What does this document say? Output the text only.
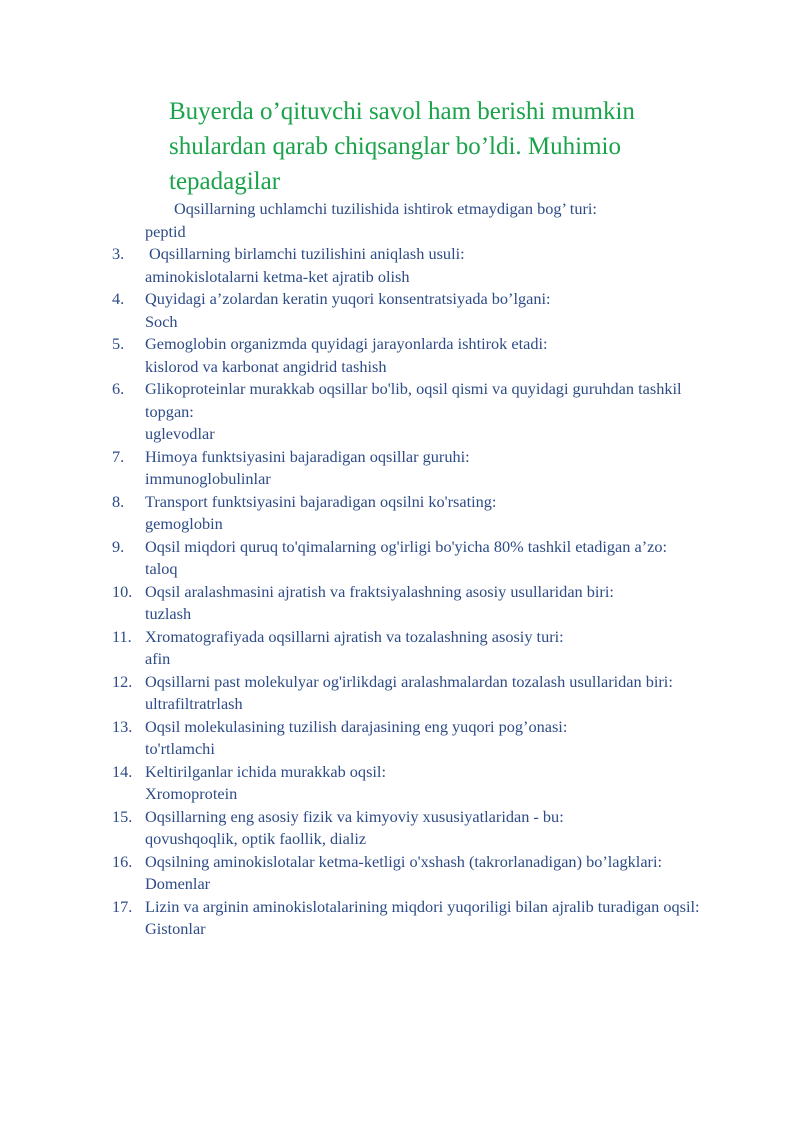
Buyerda o’qituvchi savol ham berishi mumkin shulardan qarab chiqsanglar bo’ldi. Muhimio tepadagilar
Oqsillarning uchlamchi tuzilishida ishtirok etmaydigan bog’ turi:
peptid
3.	Oqsillarning birlamchi tuzilishini aniqlash usuli:
aminokislotalarni ketma-ket ajratib olish
4.	Quyidagi a’zolardan keratin yuqori konsentratsiyada bo’lgani:
Soch
5.	Gemoglobin organizmda quyidagi jarayonlarda ishtirok etadi:
kislorod va karbonat angidrid tashish
6.	Glikoproteinlar murakkab oqsillar bo'lib, oqsil qismi va quyidagi guruhdan tashkil topgan:
uglevodlar
7.	Himoya funktsiyasini bajaradigan oqsillar guruhi:
immunoglobulinlar
8.	Transport funktsiyasini bajaradigan oqsilni ko'rsating:
gemoglobin
9.	Oqsil miqdori quruq to'qimalarning og'irligi bo'yicha 80% tashkil etadigan a’zo:
taloq
10. Oqsil aralashmasini ajratish va fraktsiyalashning asosiy usullaridan biri:
tuzlash
11. Xromatografiyada oqsillarni ajratish va tozalashning asosiy turi:
afin
12. Oqsillarni past molekulyar og'irlikdagi aralashmalardan tozalash usullaridan biri:
ultrafiltratrlash
13. Oqsil molekulasining tuzilish darajasining eng yuqori pog’onasi:
to'rtlamchi
14. Keltirilganlar ichida murakkab oqsil:
Xromoprotein
15. Oqsillarning eng asosiy fizik va kimyoviy xususiyatlaridan - bu:
qovushqoqlik, optik faollik, dializ
16. Oqsilning aminokislotalar ketma-ketligi o'xshash (takrorlanadigan) bo’lagklari:
Domenlar
17. Lizin va arginin aminokislotalarining miqdori yuqoriligi bilan ajralib turadigan oqsil:
Gistonlar
